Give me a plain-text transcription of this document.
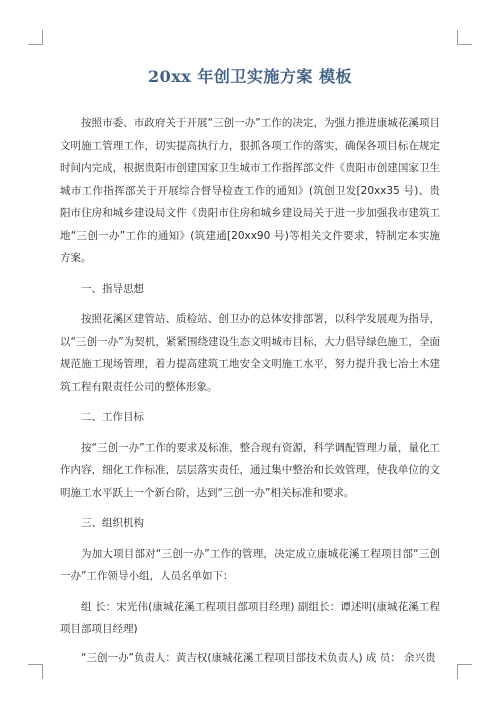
20xx 年创卫实施方案 模板

按照市委、市政府关于开展“三创一办”工作的决定，为强力推进康城花溪项目文明施工管理工作，切实提高执行力，狠抓各项工作的落实，确保各项目标在规定时间内完成，根据贵阳市创建国家卫生城市工作指挥部文件《贵阳市创建国家卫生城市工作指挥部关于开展综合督导检查工作的通知》(筑创卫发[20xx35 号)、贵阳市住房和城乡建设局文件《贵阳市住房和城乡建设局关于进一步加强我市建筑工地“三创一办”工作的通知》(筑建通[20xx90 号)等相关文件要求，特制定本实施方案。

一、指导思想

按照花溪区建管站、质检站、创卫办的总体安排部署，以科学发展观为指导，以“三创一办”为契机，紧紧围绕建设生态文明城市目标，大力倡导绿色施工，全面规范施工现场管理，着力提高建筑工地安全文明施工水平，努力提升我七冶土木建筑工程有限责任公司的整体形象。

二、工作目标

按“三创一办”工作的要求及标准，整合现有资源，科学调配管理力量，量化工作内容，细化工作标准，层层落实责任，通过集中整治和长效管理，使我单位的文明施工水平跃上一个新台阶，达到“三创一办”相关标准和要求。

三、组织机构

为加大项目部对“三创一办”工作的管理，决定成立康城花溪工程项目部“三创一办”工作领导小组，人员名单如下：

组 长：宋光伟(康城花溪工程项目部项目经理) 副组长：谭述明(康城花溪工程项目部项目经理)

“三创一办”负责人：黄吉权(康城花溪工程项目部技术负责人) 成 员： 余兴贵
